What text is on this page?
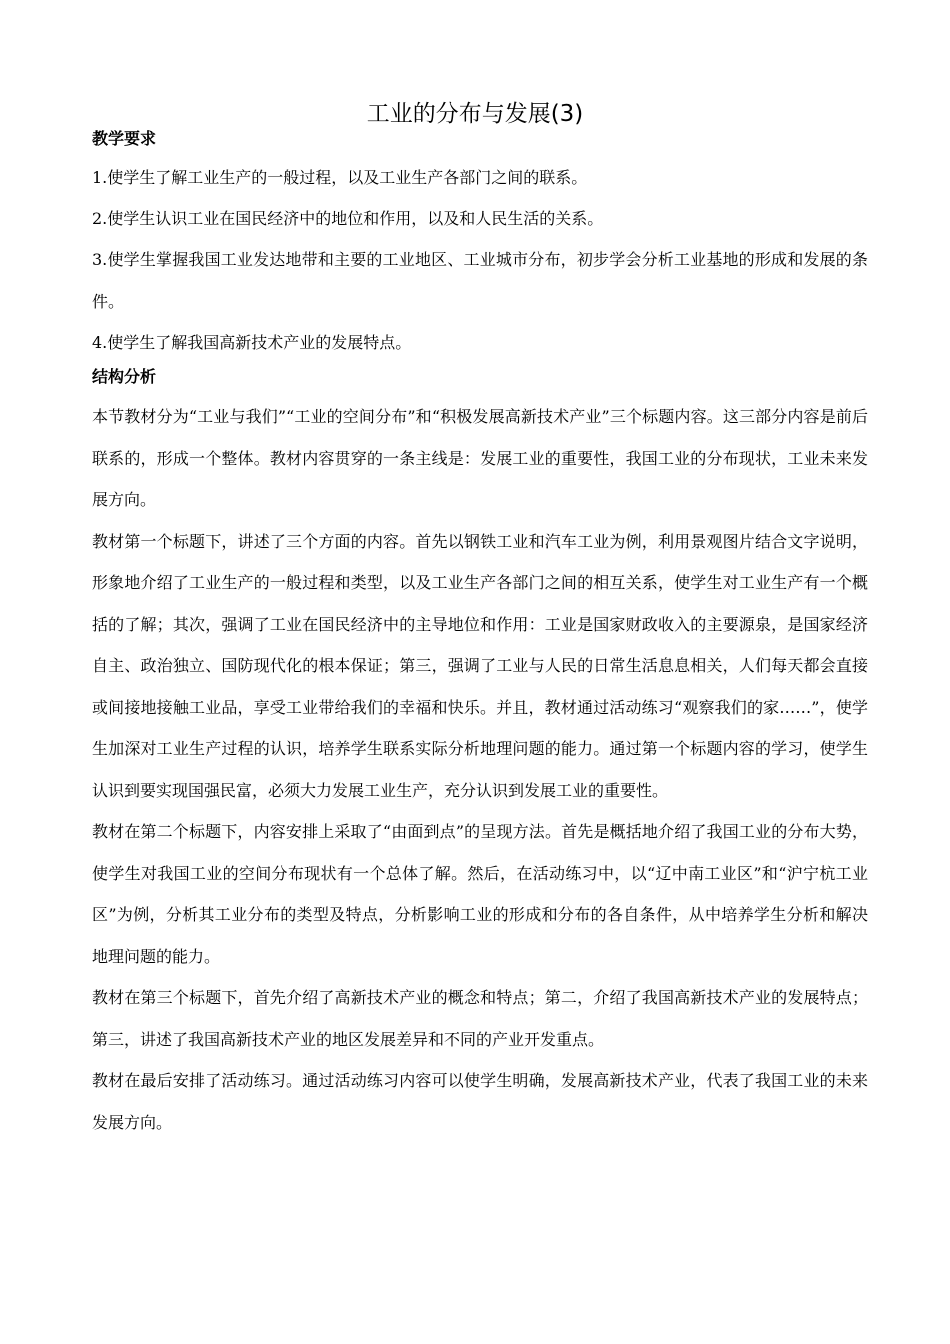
工业的分布与发展(3)
教学要求

1.使学生了解工业生产的一般过程，以及工业生产各部门之间的联系。

2.使学生认识工业在国民经济中的地位和作用，以及和人民生活的关系。

3.使学生掌握我国工业发达地带和主要的工业地区、工业城市分布，初步学会分析工业基地的形成和发展的条件。

4.使学生了解我国高新技术产业的发展特点。

结构分析

本节教材分为“工业与我们”“工业的空间分布”和“积极发展高新技术产业”三个标题内容。这三部分内容是前后联系的，形成一个整体。教材内容贯穿的一条主线是：发展工业的重要性，我国工业的分布现状，工业未来发展方向。

教材第一个标题下，讲述了三个方面的内容。首先以钢铁工业和汽车工业为例，利用景观图片结合文字说明，形象地介绍了工业生产的一般过程和类型，以及工业生产各部门之间的相互关系，使学生对工业生产有一个概括的了解；其次，强调了工业在国民经济中的主导地位和作用：工业是国家财政收入的主要源泉，是国家经济自主、政治独立、国防现代化的根本保证；第三，强调了工业与人民的日常生活息息相关，人们每天都会直接或间接地接触工业品，享受工业带给我们的幸福和快乐。并且，教材通过活动练习“观察我们的家……”，使学生加深对工业生产过程的认识，培养学生联系实际分析地理问题的能力。通过第一个标题内容的学习，使学生认识到要实现国强民富，必须大力发展工业生产，充分认识到发展工业的重要性。

教材在第二个标题下，内容安排上采取了“由面到点”的呈现方法。首先是概括地介绍了我国工业的分布大势，使学生对我国工业的空间分布现状有一个总体了解。然后，在活动练习中，以“辽中南工业区”和“沪宁杭工业区”为例，分析其工业分布的类型及特点，分析影响工业的形成和分布的各自条件，从中培养学生分析和解决地理问题的能力。

教材在第三个标题下，首先介绍了高新技术产业的概念和特点；第二，介绍了我国高新技术产业的发展特点；第三，讲述了我国高新技术产业的地区发展差异和不同的产业开发重点。

教材在最后安排了活动练习。通过活动练习内容可以使学生明确，发展高新技术产业，代表了我国工业的未来发展方向。
